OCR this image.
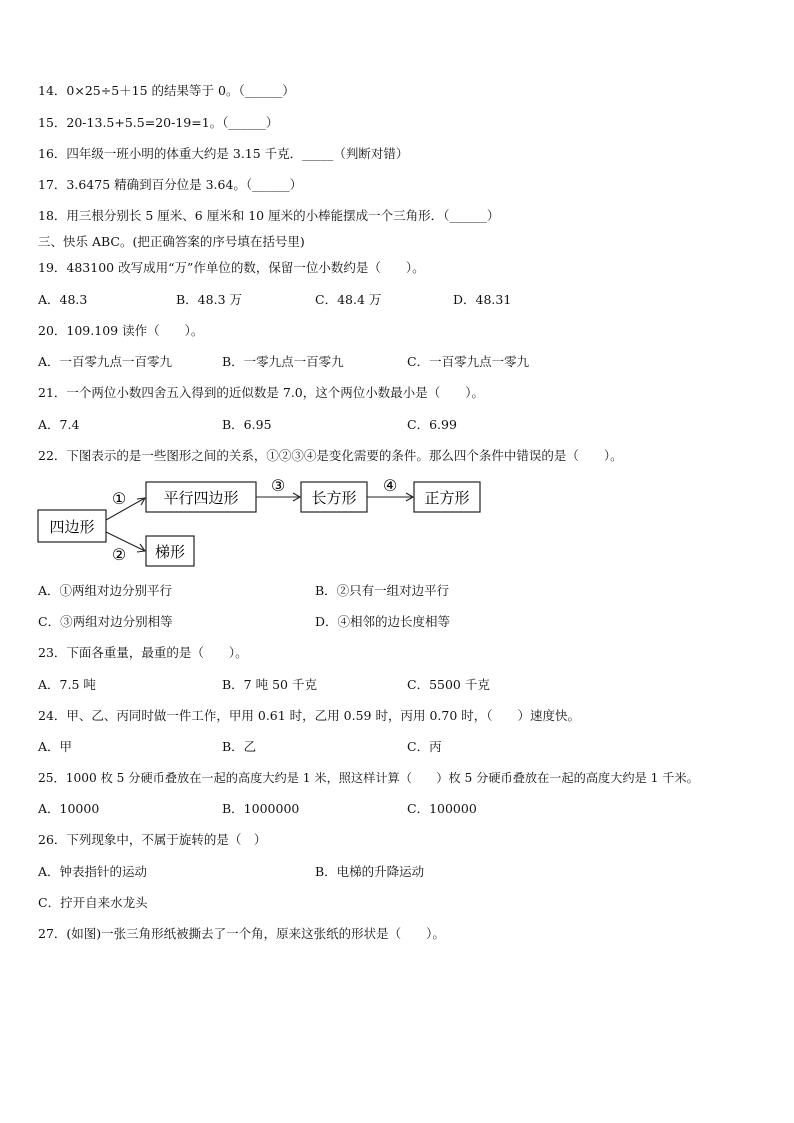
14．0×25÷5＋15 的结果等于 0。（______）
15．20-13.5+5.5=20-19=1。（______）
16．四年级一班小明的体重大约是 3.15 千克．_____（判断对错）
17．3.6475 精确到百分位是 3.64。（______）
18．用三根分别长 5 厘米、6 厘米和 10 厘米的小棒能摆成一个三角形．（______）
三、快乐 ABC。(把正确答案的序号填在括号里)
19．483100 改写成用“万”作单位的数，保留一位小数约是（　　）。
A．48.3	B．48.3 万	C．48.4 万	D．48.31
20．109.109 读作（　　）。
A．一百零九点一百零九	B．一零九点一百零九	C．一百零九点一零九
21．一个两位小数四舍五入得到的近似数是 7.0，这个两位小数最小是（　　）。
A．7.4	B．6.95	C．6.99
22．下图表示的是一些图形之间的关系，①②③④是变化需要的条件。那么四个条件中错误的是（　　）。
四边形
平行四边形
梯形
长方形	正方形
①
②
③	④
A．①两组对边分别平行	B．②只有一组对边平行
C．③两组对边分别相等	D．④相邻的边长度相等
23．下面各重量，最重的是（　　）。
A．7.5 吨	B．7 吨 50 千克	C．5500 千克
24．甲、乙、丙同时做一件工作，甲用 0.61 时，乙用 0.59 时，丙用 0.70 时，（　　）速度快。
A．甲	B．乙	C．丙
25．1000 枚 5 分硬币叠放在一起的高度大约是 1 米，照这样计算（　　）枚 5 分硬币叠放在一起的高度大约是 1 千米。
A．10000	B．1000000	C．100000
26．下列现象中，不属于旋转的是（　）
A．钟表指针的运动	B．电梯的升降运动
C．拧开自来水龙头
27．(如图)一张三角形纸被撕去了一个角，原来这张纸的形状是（　　）。
